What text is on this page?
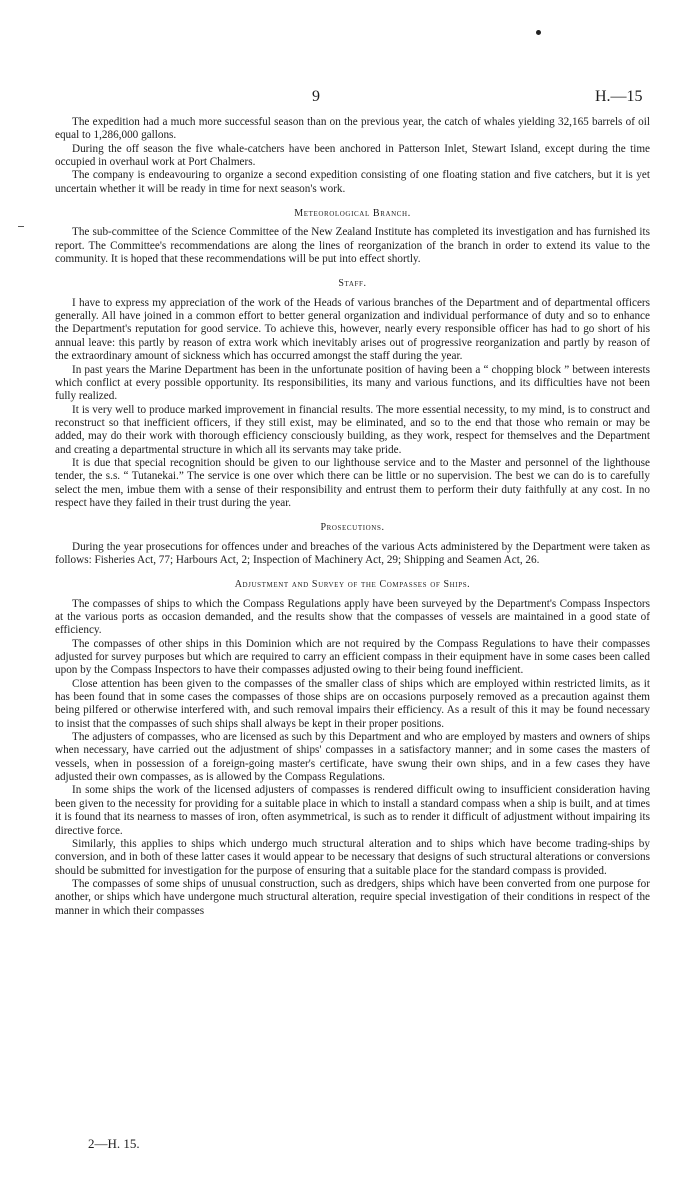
9	H.—15

The expedition had a much more successful season than on the previous year, the catch of whales yielding 32,165 barrels of oil equal to 1,286,000 gallons.

During the off season the five whale-catchers have been anchored in Patterson Inlet, Stewart Island, except during the time occupied in overhaul work at Port Chalmers.

The company is endeavouring to organize a second expedition consisting of one floating station and five catchers, but it is yet uncertain whether it will be ready in time for next season's work.

Meteorological Branch.

The sub-committee of the Science Committee of the New Zealand Institute has completed its investigation and has furnished its report. The Committee's recommendations are along the lines of reorganization of the branch in order to extend its value to the community. It is hoped that these recommendations will be put into effect shortly.

Staff.

I have to express my appreciation of the work of the Heads of various branches of the Department and of departmental officers generally. All have joined in a common effort to better general organization and individual performance of duty and so to enhance the Department's reputation for good service. To achieve this, however, nearly every responsible officer has had to go short of his annual leave: this partly by reason of extra work which inevitably arises out of progressive reorganization and partly by reason of the extraordinary amount of sickness which has occurred amongst the staff during the year.

In past years the Marine Department has been in the unfortunate position of having been a “ chopping block ” between interests which conflict at every possible opportunity. Its responsibilities, its many and various functions, and its difficulties have not been fully realized.

It is very well to produce marked improvement in financial results. The more essential necessity, to my mind, is to construct and reconstruct so that inefficient officers, if they still exist, may be eliminated, and so to the end that those who remain or may be added, may do their work with thorough efficiency consciously building, as they work, respect for themselves and the Department and creating a departmental structure in which all its servants may take pride.

It is due that special recognition should be given to our lighthouse service and to the Master and personnel of the lighthouse tender, the s.s. “ Tutanekai.” The service is one over which there can be little or no supervision. The best we can do is to carefully select the men, imbue them with a sense of their responsibility and entrust them to perform their duty faithfully at any cost. In no respect have they failed in their trust during the year.

Prosecutions.

During the year prosecutions for offences under and breaches of the various Acts administered by the Department were taken as follows: Fisheries Act, 77; Harbours Act, 2; Inspection of Machinery Act, 29; Shipping and Seamen Act, 26.

Adjustment and Survey of the Compasses of Ships.

The compasses of ships to which the Compass Regulations apply have been surveyed by the Department's Compass Inspectors at the various ports as occasion demanded, and the results show that the compasses of vessels are maintained in a good state of efficiency.

The compasses of other ships in this Dominion which are not required by the Compass Regulations to have their compasses adjusted for survey purposes but which are required to carry an efficient compass in their equipment have in some cases been called upon by the Compass Inspectors to have their compasses adjusted owing to their being found inefficient.

Close attention has been given to the compasses of the smaller class of ships which are employed within restricted limits, as it has been found that in some cases the compasses of those ships are on occasions purposely removed as a precaution against them being pilfered or otherwise interfered with, and such removal impairs their efficiency. As a result of this it may be found necessary to insist that the compasses of such ships shall always be kept in their proper positions.

The adjusters of compasses, who are licensed as such by this Department and who are employed by masters and owners of ships when necessary, have carried out the adjustment of ships' compasses in a satisfactory manner; and in some cases the masters of vessels, when in possession of a foreign-going master's certificate, have swung their own ships, and in a few cases they have adjusted their own compasses, as is allowed by the Compass Regulations.

In some ships the work of the licensed adjusters of compasses is rendered difficult owing to insufficient consideration having been given to the necessity for providing for a suitable place in which to install a standard compass when a ship is built, and at times it is found that its nearness to masses of iron, often asymmetrical, is such as to render it difficult of adjustment without impairing its directive force.

Similarly, this applies to ships which undergo much structural alteration and to ships which have become trading-ships by conversion, and in both of these latter cases it would appear to be necessary that designs of such structural alterations or conversions should be submitted for investigation for the purpose of ensuring that a suitable place for the standard compass is provided.

The compasses of some ships of unusual construction, such as dredgers, ships which have been converted from one purpose for another, or ships which have undergone much structural alteration, require special investigation of their conditions in respect of the manner in which their compasses

2—H. 15.
